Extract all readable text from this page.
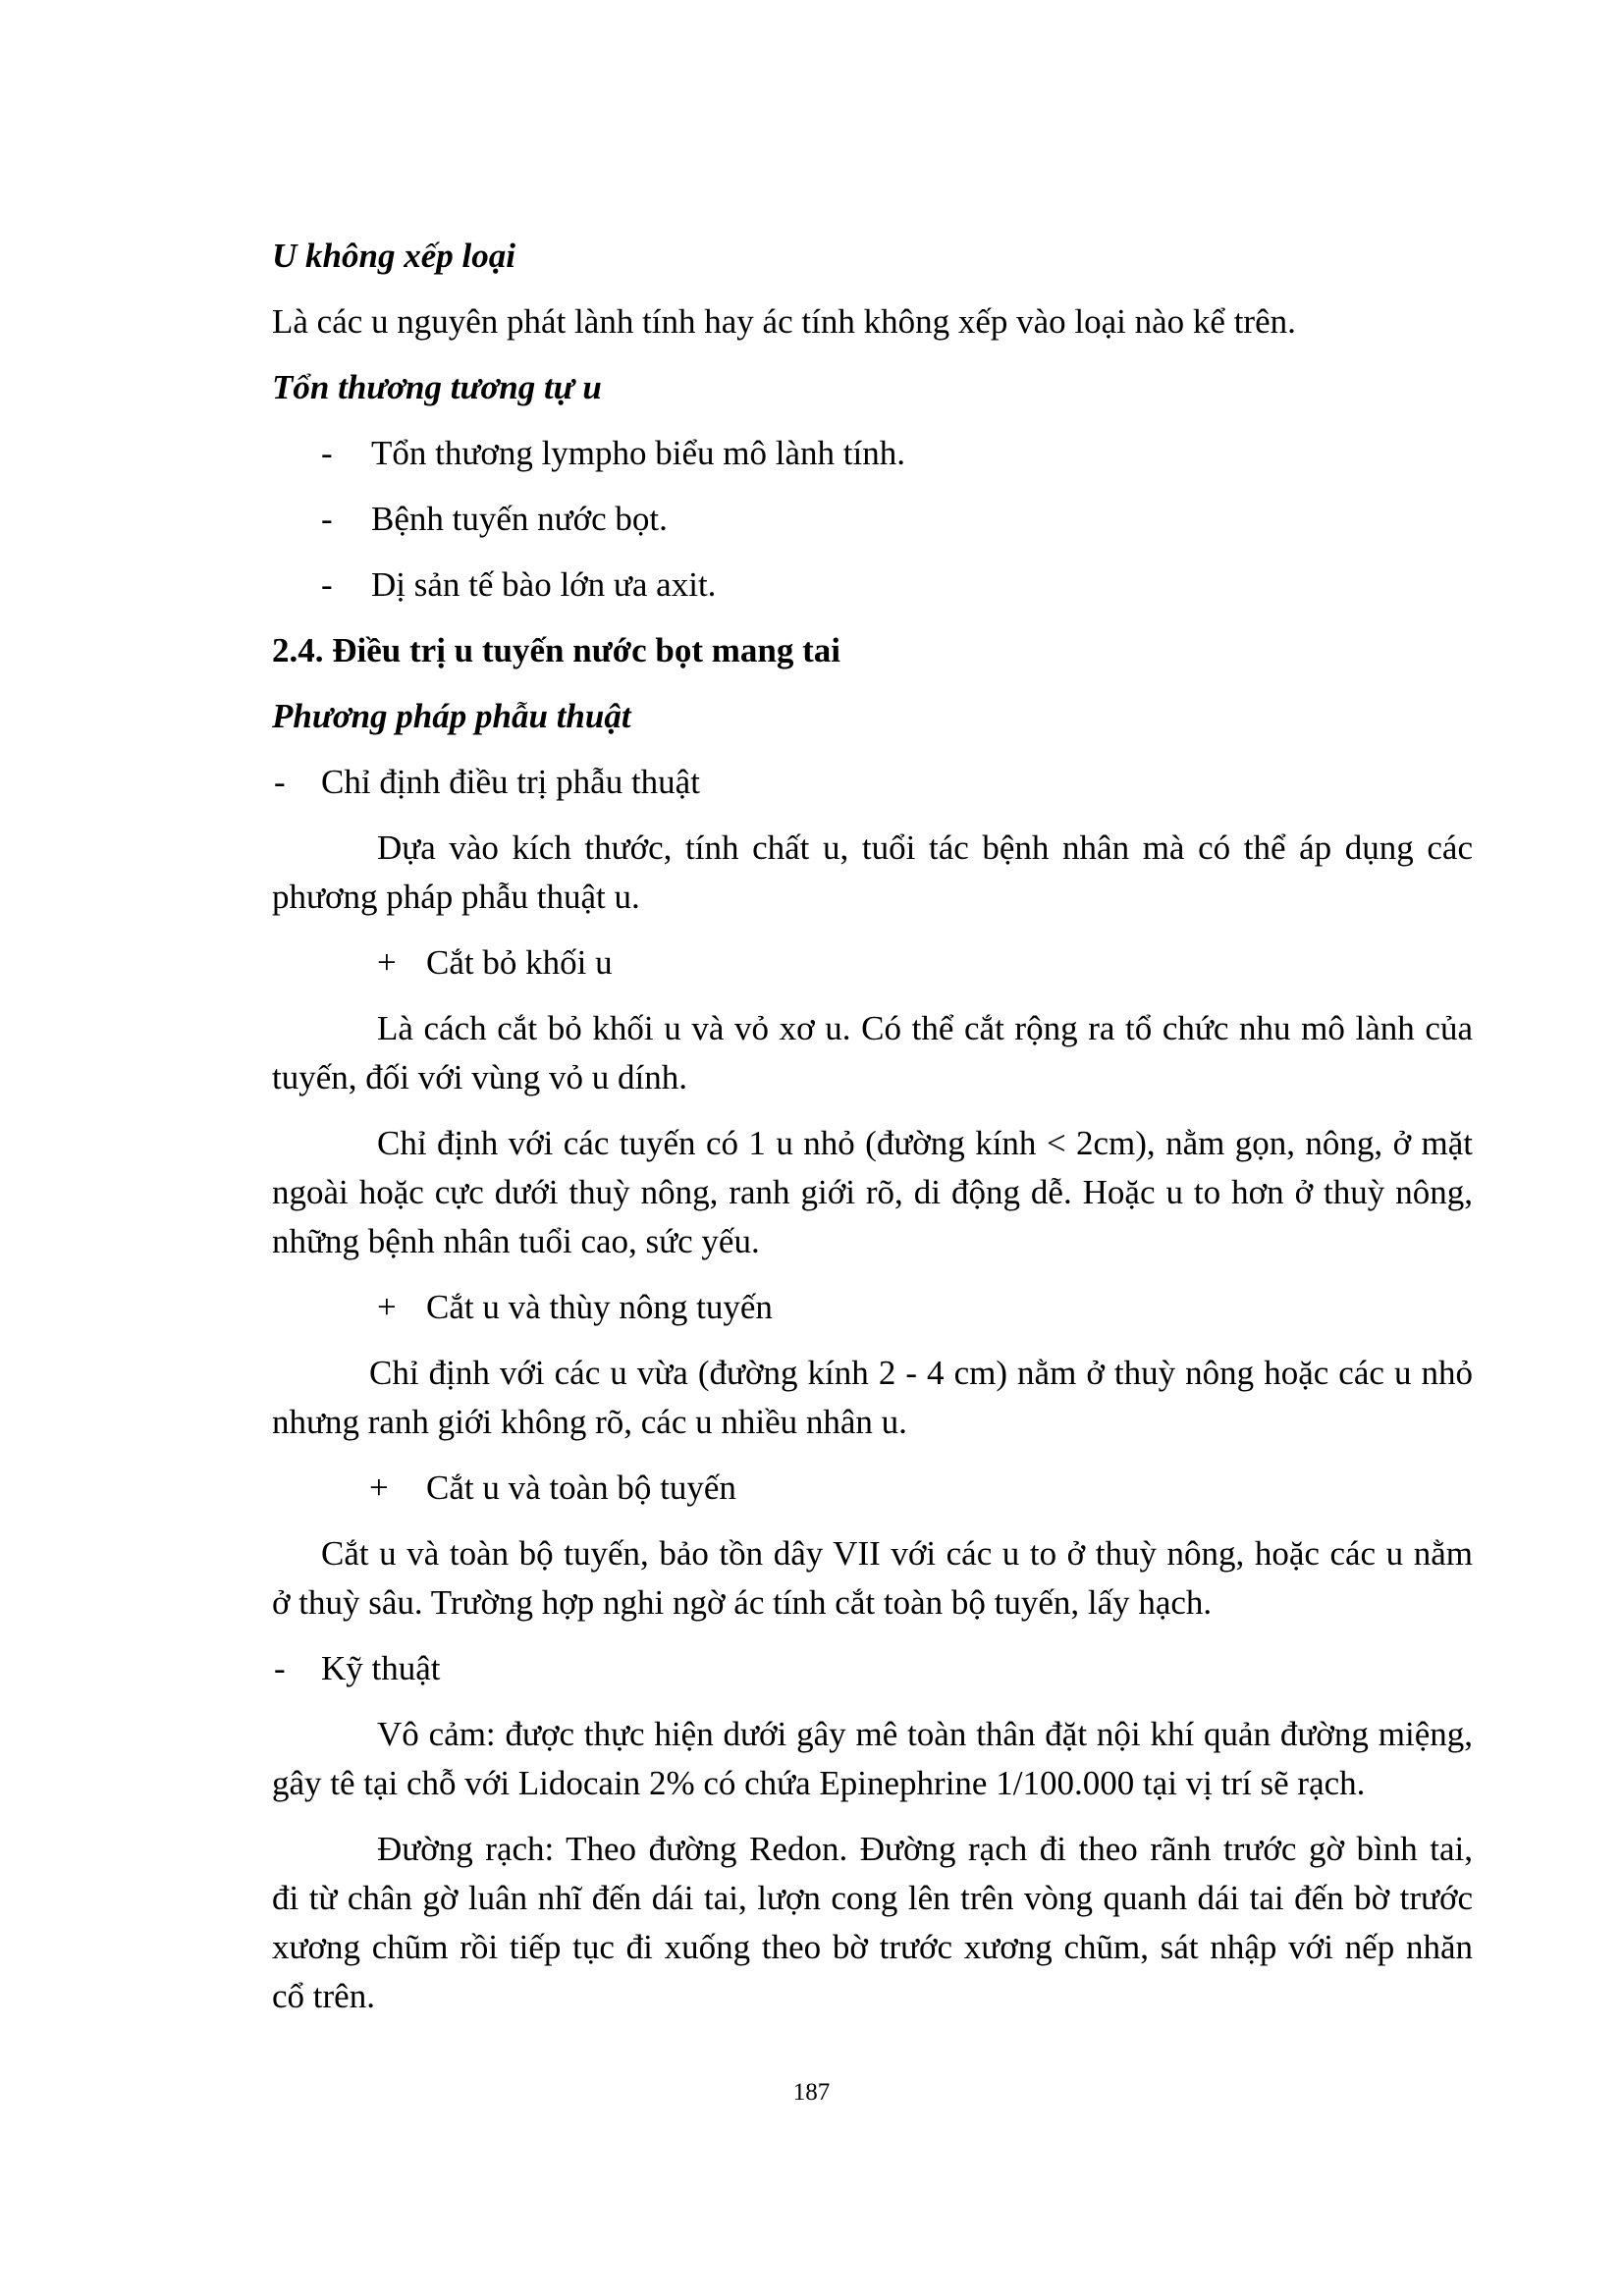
U không xếp loại
Là các u nguyên phát lành tính hay ác tính không xếp vào loại nào kể trên.
Tổn thương tương tự u
- Tổn thương lympho biểu mô lành tính.
- Bệnh tuyến nước bọt.
- Dị sản tế bào lớn ưa axit.
2.4. Điều trị u tuyến nước bọt mang tai
Phương pháp phẫu thuật
- Chỉ định điều trị phẫu thuật
Dựa vào kích thước, tính chất u, tuổi tác bệnh nhân mà có thể áp dụng các
phương pháp phẫu thuật u.
+ Cắt bỏ khối u
Là cách cắt bỏ khối u và vỏ xơ u. Có thể cắt rộng ra tổ chức nhu mô lành của
tuyến, đối với vùng vỏ u dính.
Chỉ định với các tuyến có 1 u nhỏ (đường kính < 2cm), nằm gọn, nông, ở mặt
ngoài hoặc cực dưới thuỳ nông, ranh giới rõ, di động dễ. Hoặc u to hơn ở thuỳ nông,
những bệnh nhân tuổi cao, sức yếu.
+ Cắt u và thùy nông tuyến
Chỉ định với các u vừa (đường kính 2 - 4 cm) nằm ở thuỳ nông hoặc các u nhỏ
nhưng ranh giới không rõ, các u nhiều nhân u.
+ Cắt u và toàn bộ tuyến
Cắt u và toàn bộ tuyến, bảo tồn dây VII với các u to ở thuỳ nông, hoặc các u nằm
ở thuỳ sâu. Trường hợp nghi ngờ ác tính cắt toàn bộ tuyến, lấy hạch.
- Kỹ thuật
Vô cảm: được thực hiện dưới gây mê toàn thân đặt nội khí quản đường miệng,
gây tê tại chỗ với Lidocain 2% có chứa Epinephrine 1/100.000 tại vị trí sẽ rạch.
Đường rạch: Theo đường Redon. Đường rạch đi theo rãnh trước gờ bình tai,
đi từ chân gờ luân nhĩ đến dái tai, lượn cong lên trên vòng quanh dái tai đến bờ trước
xương chũm rồi tiếp tục đi xuống theo bờ trước xương chũm, sát nhập với nếp nhăn
cổ trên.
187
